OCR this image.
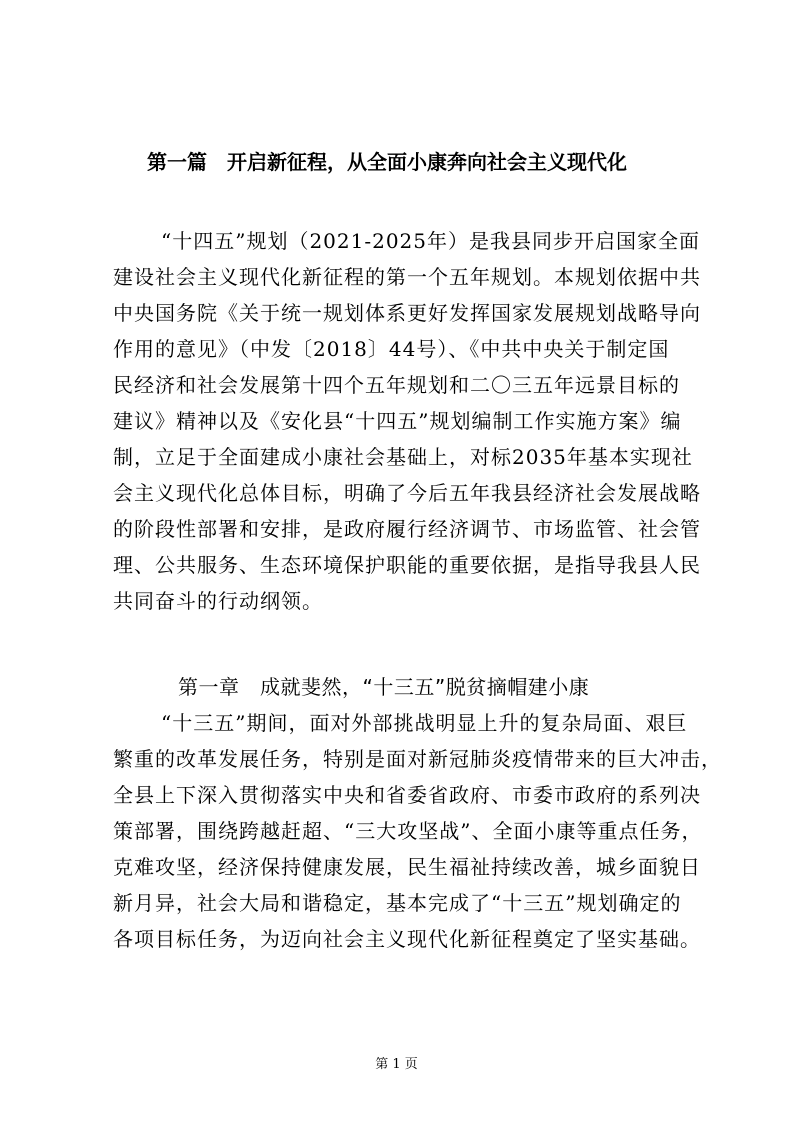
第一篇　开启新征程，从全面小康奔向社会主义现代化
“十四五”规划（2021-2025年）是我县同步开启国家全面
建设社会主义现代化新征程的第一个五年规划。本规划依据中共
中央国务院《关于统一规划体系更好发挥国家发展规划战略导向
作用的意见》（中发〔2018〕44号）、《中共中央关于制定国
民经济和社会发展第十四个五年规划和二〇三五年远景目标的
建议》精神以及《安化县“十四五”规划编制工作实施方案》编
制，立足于全面建成小康社会基础上，对标2035年基本实现社
会主义现代化总体目标，明确了今后五年我县经济社会发展战略
的阶段性部署和安排，是政府履行经济调节、市场监管、社会管
理、公共服务、生态环境保护职能的重要依据，是指导我县人民
共同奋斗的行动纲领。
第一章　成就斐然，“十三五”脱贫摘帽建小康
“十三五”期间，面对外部挑战明显上升的复杂局面、艰巨
繁重的改革发展任务，特别是面对新冠肺炎疫情带来的巨大冲击，
全县上下深入贯彻落实中央和省委省政府、市委市政府的系列决
策部署，围绕跨越赶超、“三大攻坚战”、全面小康等重点任务，
克难攻坚，经济保持健康发展，民生福祉持续改善，城乡面貌日
新月异，社会大局和谐稳定，基本完成了“十三五”规划确定的
各项目标任务，为迈向社会主义现代化新征程奠定了坚实基础。
第 1 页
